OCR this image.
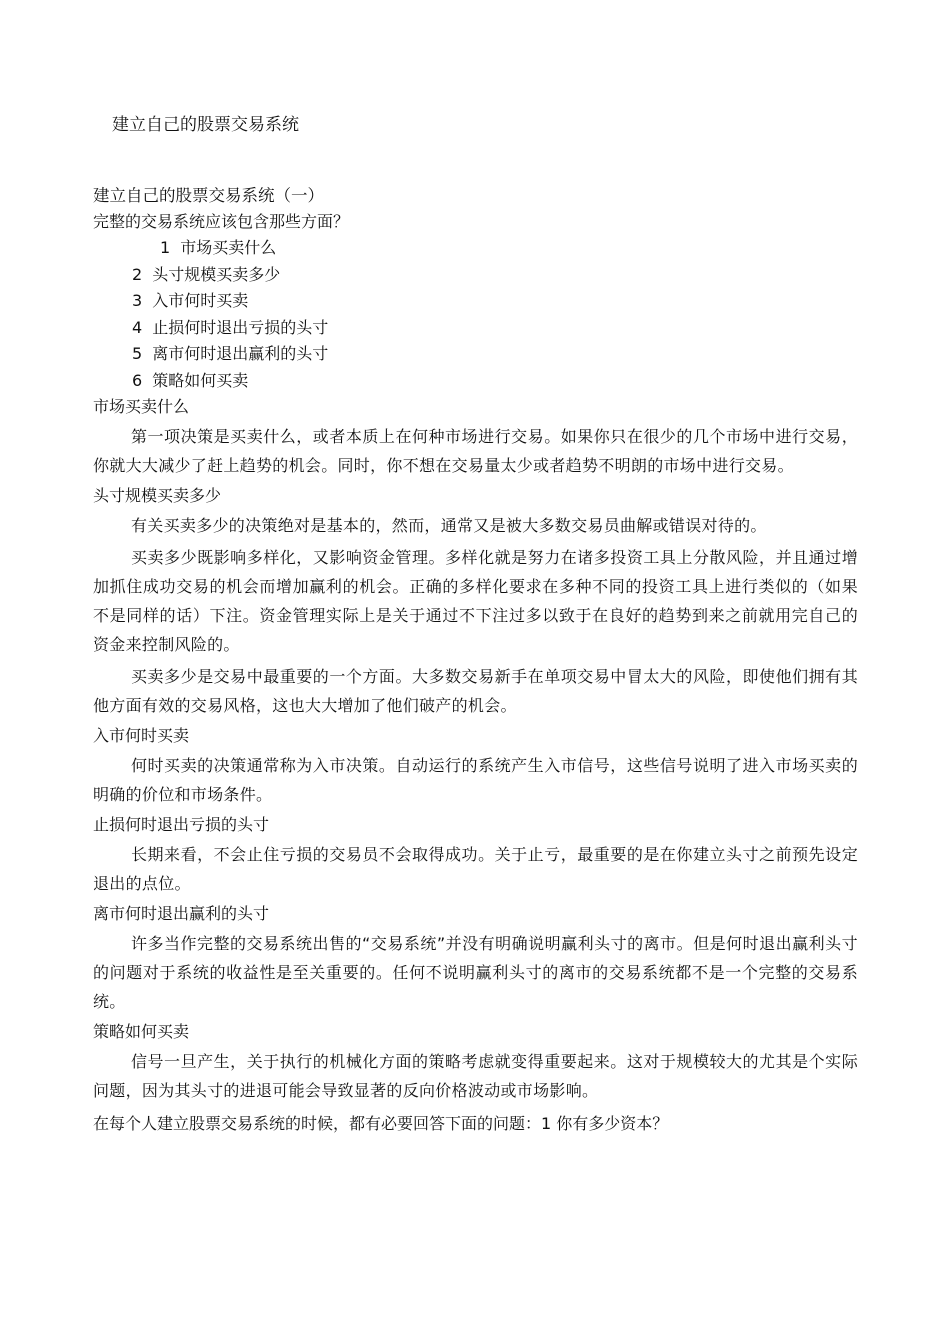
建立自己的股票交易系统
建立自己的股票交易系统（一）
完整的交易系统应该包含那些方面？
1 市场买卖什么
2 头寸规模买卖多少
3 入市何时买卖
4 止损何时退出亏损的头寸
5 离市何时退出赢利的头寸
6 策略如何买卖
市场买卖什么

第一项决策是买卖什么，或者本质上在何种市场进行交易。如果你只在很少的几个市场中进行交易，你就大大减少了赶上趋势的机会。同时，你不想在交易量太少或者趋势不明朗的市场中进行交易。

头寸规模买卖多少

有关买卖多少的决策绝对是基本的，然而，通常又是被大多数交易员曲解或错误对待的。

买卖多少既影响多样化，又影响资金管理。多样化就是努力在诸多投资工具上分散风险，并且通过增加抓住成功交易的机会而增加赢利的机会。正确的多样化要求在多种不同的投资工具上进行类似的（如果不是同样的话）下注。资金管理实际上是关于通过不下注过多以致于在良好的趋势到来之前就用完自己的资金来控制风险的。

买卖多少是交易中最重要的一个方面。大多数交易新手在单项交易中冒太大的风险，即使他们拥有其他方面有效的交易风格，这也大大增加了他们破产的机会。

入市何时买卖

何时买卖的决策通常称为入市决策。自动运行的系统产生入市信号，这些信号说明了进入市场买卖的明确的价位和市场条件。

止损何时退出亏损的头寸

长期来看，不会止住亏损的交易员不会取得成功。关于止亏，最重要的是在你建立头寸之前预先设定退出的点位。

离市何时退出赢利的头寸

许多当作完整的交易系统出售的“交易系统”并没有明确说明赢利头寸的离市。但是何时退出赢利头寸的问题对于系统的收益性是至关重要的。任何不说明赢利头寸的离市的交易系统都不是一个完整的交易系统。

策略如何买卖

信号一旦产生，关于执行的机械化方面的策略考虑就变得重要起来。这对于规模较大的尤其是个实际问题，因为其头寸的进退可能会导致显著的反向价格波动或市场影响。

在每个人建立股票交易系统的时候，都有必要回答下面的问题：1 你有多少资本？
